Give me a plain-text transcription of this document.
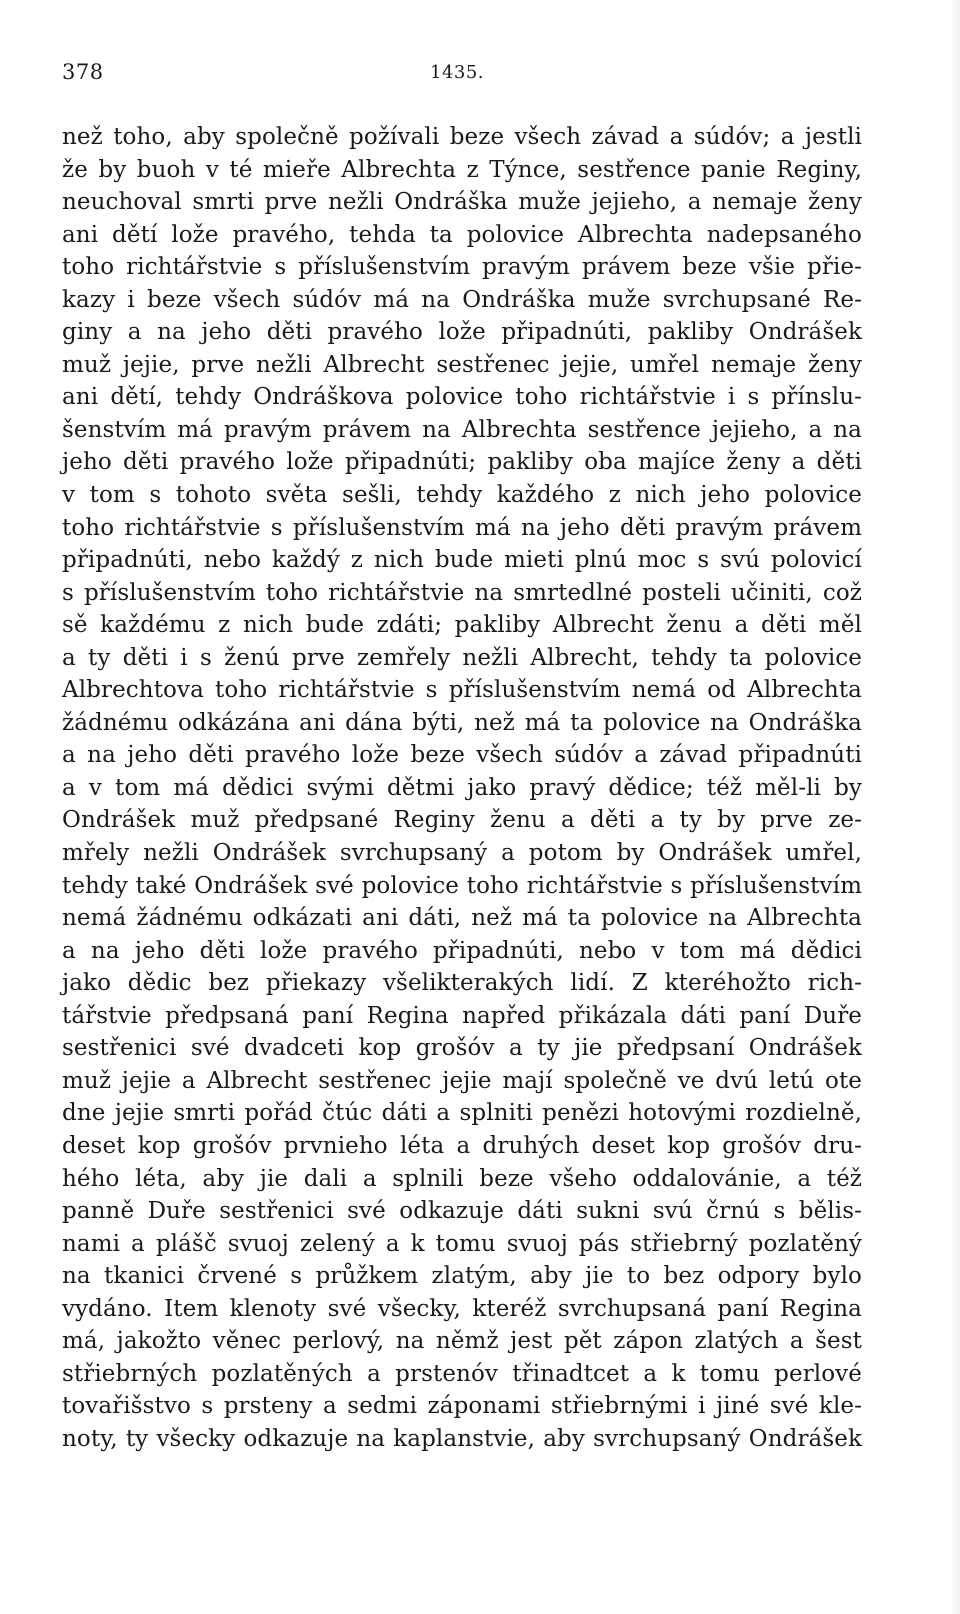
378	1435.
než toho, aby společně požívali beze všech závad a súdóv; a jestli
že by buoh v té mieře Albrechta z Týnce, sestřence panie Reginy,
neuchoval smrti prve nežli Ondráška muže jejieho, a nemaje ženy
ani dětí lože pravého, tehda ta polovice Albrechta nadepsaného
toho richtářstvie s příslušenstvím pravým právem beze všie přie-
kazy i beze všech súdóv má na Ondráška muže svrchupsané Re-
giny a na jeho děti pravého lože připadnúti, pakliby Ondrášek
muž jejie, prve nežli Albrecht sestřenec jejie, umřel nemaje ženy
ani dětí, tehdy Ondráškova polovice toho richtářstvie i s přínslu-
šenstvím má pravým právem na Albrechta sestřence jejieho, a na
jeho děti pravého lože připadnúti; pakliby oba majíce ženy a děti
v tom s tohoto světa sešli, tehdy každého z nich jeho polovice
toho richtářstvie s příslušenstvím má na jeho děti pravým právem
připadnúti, nebo každý z nich bude mieti plnú moc s svú polovicí
s příslušenstvím toho richtářstvie na smrtedlné posteli učiniti, což
sě každému z nich bude zdáti; pakliby Albrecht ženu a děti měl
a ty děti i s ženú prve zemřely nežli Albrecht, tehdy ta polovice
Albrechtova toho richtářstvie s příslušenstvím nemá od Albrechta
žádnému odkázána ani dána býti, než má ta polovice na Ondráška
a na jeho děti pravého lože beze všech súdóv a závad připadnúti
a v tom má dědici svými dětmi jako pravý dědice; též měl-li by
Ondrášek muž předpsané Reginy ženu a děti a ty by prve ze-
mřely nežli Ondrášek svrchupsaný a potom by Ondrášek umřel,
tehdy také Ondrášek své polovice toho richtářstvie s příslušenstvím
nemá žádnému odkázati ani dáti, než má ta polovice na Albrechta
a na jeho děti lože pravého připadnúti, nebo v tom má dědici
jako dědic bez přiekazy všelikterakých lidí. Z kteréhožto rich-
tářstvie předpsaná paní Regina napřed přikázala dáti paní Duře
sestřenici své dvadceti kop grošóv a ty jie předpsaní Ondrášek
muž jejie a Albrecht sestřenec jejie mají společně ve dvú letú ote
dne jejie smrti pořád čtúc dáti a splniti penězi hotovými rozdielně,
deset kop grošóv prvnieho léta a druhých deset kop grošóv dru-
hého léta, aby jie dali a splnili beze všeho oddalovánie, a též
panně Duře sestřenici své odkazuje dáti sukni svú črnú s bělis-
nami a plášč svuoj zelený a k tomu svuoj pás střiebrný pozlatěný
na tkanici črvené s průžkem zlatým, aby jie to bez odpory bylo
vydáno. Item klenoty své všecky, kteréž svrchupsaná paní Regina
má, jakožto věnec perlový, na němž jest pět zápon zlatých a šest
střiebrných pozlatěných a prstenóv třinadtcet a k tomu perlové
tovařišstvo s prsteny a sedmi záponami střiebrnými i jiné své kle-
noty, ty všecky odkazuje na kaplanstvie, aby svrchupsaný Ondrášek
